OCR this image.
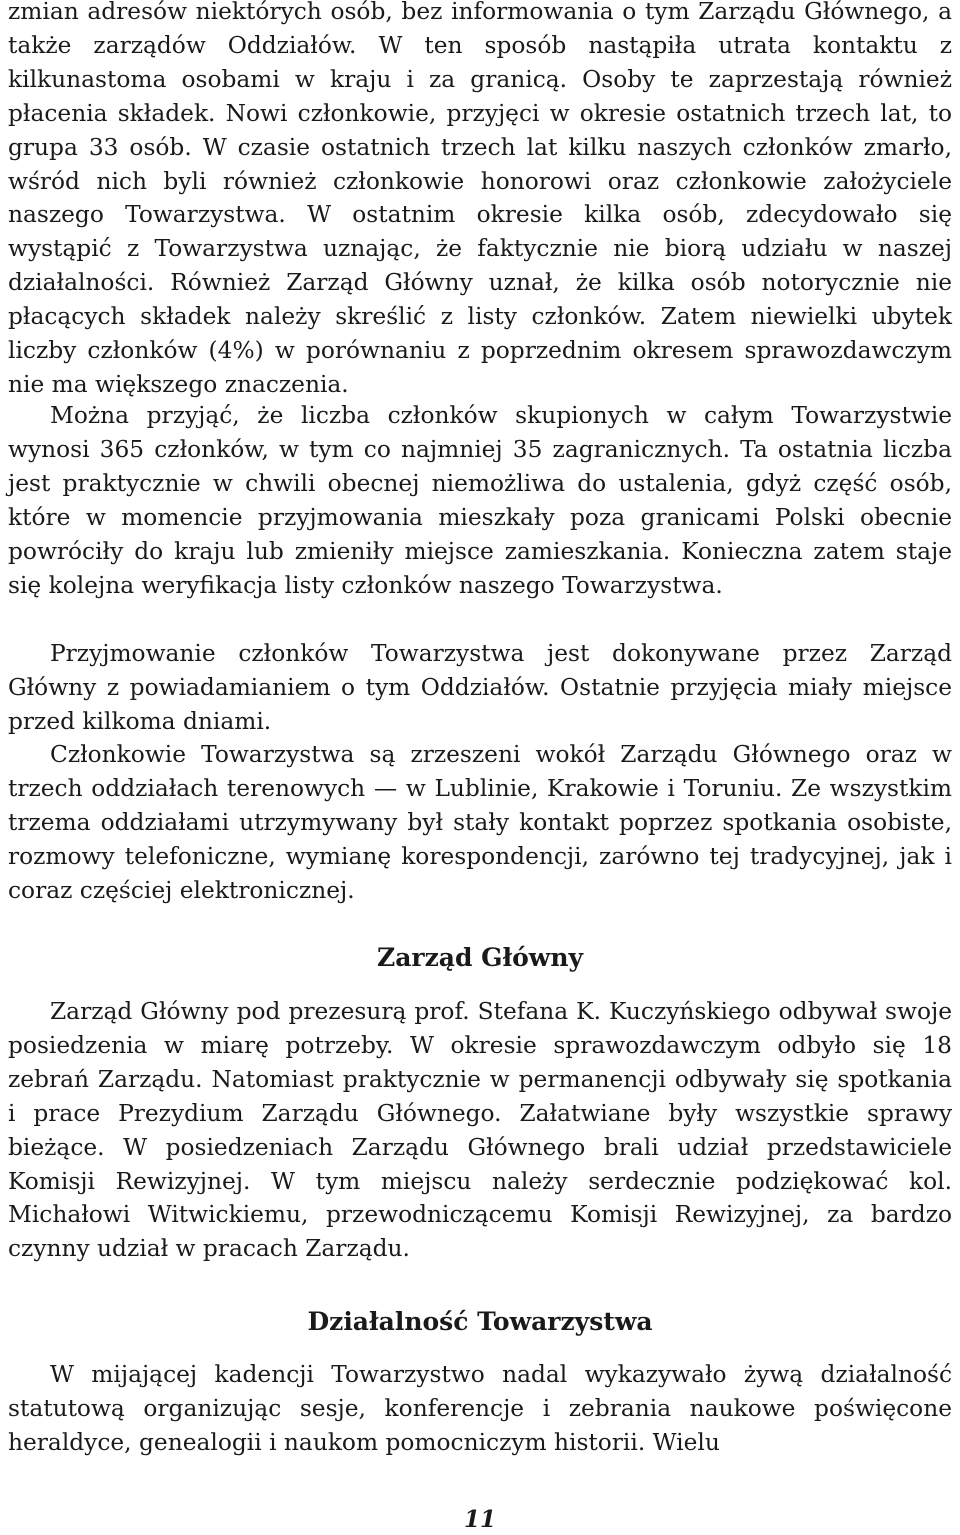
zmian adresów niektórych osób, bez informowania o tym Zarządu Głównego, a także zarządów Oddziałów. W ten sposób nastąpiła utrata kontaktu z kilkunastoma osobami w kraju i za granicą. Osoby te zaprzestają również płacenia składek. Nowi członkowie, przyjęci w okresie ostatnich trzech lat, to grupa 33 osób. W czasie ostatnich trzech lat kilku naszych członków zmarło, wśród nich byli również członkowie honorowi oraz członkowie założyciele naszego Towarzystwa. W ostatnim okresie kilka osób, zdecydowało się wystąpić z Towarzystwa uznając, że faktycznie nie biorą udziału w naszej działalności. Również Zarząd Główny uznał, że kilka osób notorycznie nie płacących składek należy skreślić z listy członków. Zatem niewielki ubytek liczby członków (4%) w porównaniu z poprzednim okresem sprawozdawczym nie ma większego znaczenia.

Można przyjąć, że liczba członków skupionych w całym Towarzystwie wynosi 365 członków, w tym co najmniej 35 zagranicznych. Ta ostatnia liczba jest praktycznie w chwili obecnej niemożliwa do ustalenia, gdyż część osób, które w momencie przyjmowania mieszkały poza granicami Polski obecnie powróciły do kraju lub zmieniły miejsce zamieszkania. Konieczna zatem staje się kolejna weryfikacja listy członków naszego Towarzystwa.

Przyjmowanie członków Towarzystwa jest dokonywane przez Zarząd Główny z powiadamianiem o tym Oddziałów. Ostatnie przyjęcia miały miejsce przed kilkoma dniami.

Członkowie Towarzystwa są zrzeszeni wokół Zarządu Głównego oraz w trzech oddziałach terenowych — w Lublinie, Krakowie i Toruniu. Ze wszystkim trzema oddziałami utrzymywany był stały kontakt poprzez spotkania osobiste, rozmowy telefoniczne, wymianę korespondencji, zarówno tej tradycyjnej, jak i coraz częściej elektronicznej.

Zarząd Główny

Zarząd Główny pod prezesurą prof. Stefana K. Kuczyńskiego odbywał swoje posiedzenia w miarę potrzeby. W okresie sprawozdawczym odbyło się 18 zebrań Zarządu. Natomiast praktycznie w permanencji odbywały się spotkania i prace Prezydium Zarządu Głównego. Załatwiane były wszystkie sprawy bieżące. W posiedzeniach Zarządu Głównego brali udział przedstawiciele Komisji Rewizyjnej. W tym miejscu należy serdecznie podziękować kol. Michałowi Witwickiemu, przewodniczącemu Komisji Rewizyjnej, za bardzo czynny udział w pracach Zarządu.

Działalność Towarzystwa

W mijającej kadencji Towarzystwo nadal wykazywało żywą działalność statutową organizując sesje, konferencje i zebrania naukowe poświęcone heraldyce, genealogii i naukom pomocniczym historii. Wielu

11
